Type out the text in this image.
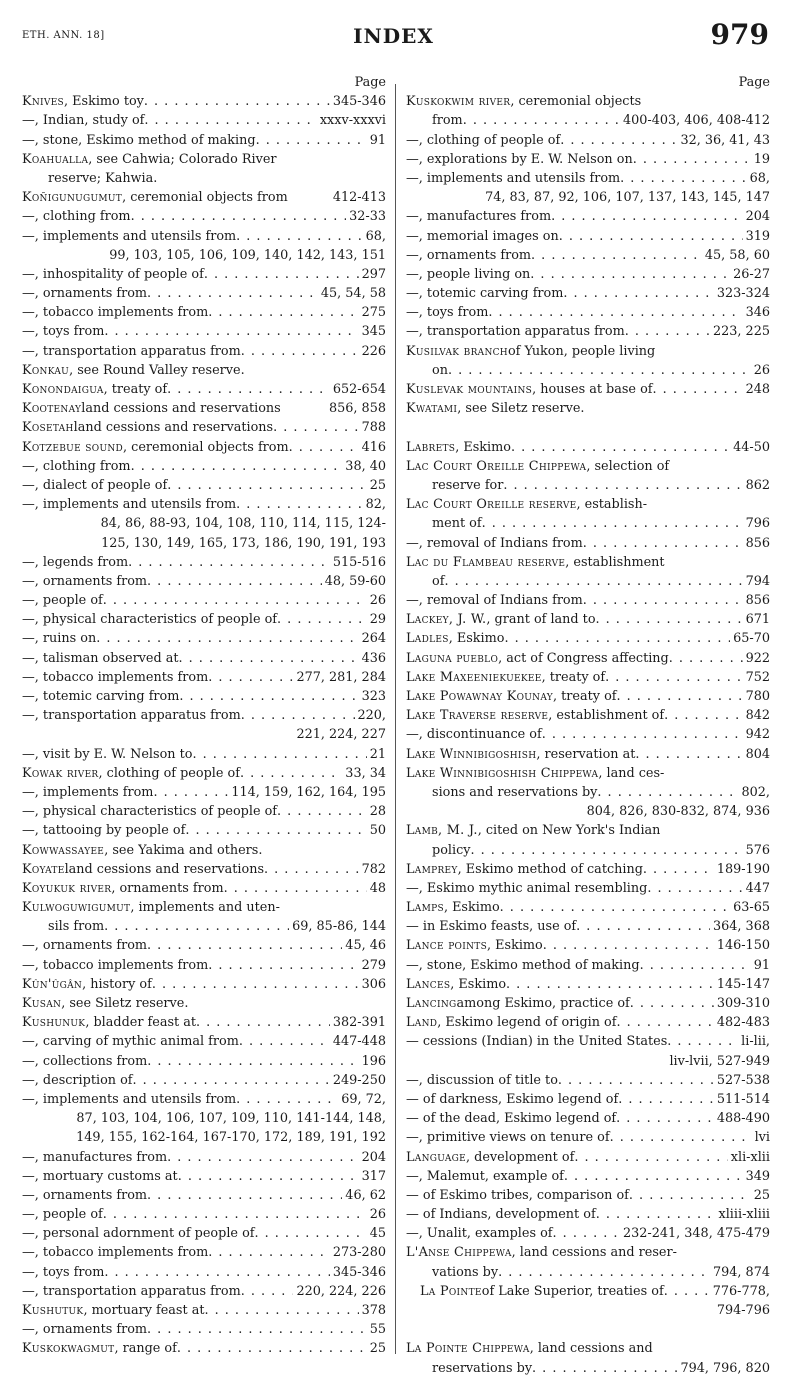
ETH. ANN. 18]	INDEX	979
Page
Knives , Eskimo toy . . .	345-346
—, Indian, study of . . .	xxxv-xxxvi
—, stone, Eskimo method of making . . .	91
Koahualla , see Cahwia; Colorado River
reserve; Kahwia.
Koñigunugumut , ceremonial objects from	412-413
—, clothing from . . .	32-33
—, implements and utensils from . . .	68,
99, 103, 105, 106, 109, 140, 142, 143, 151
—, inhospitality of people of . . .	297
—, ornaments from . . .	45, 54, 58
—, tobacco implements from . . .	275
—, toys from . . .	345
—, transportation apparatus from . . .	226
Konkau , see Round Valley reserve.
Konondaigua , treaty of . . .	652-654
Kootenay land cessions and reservations	856, 858
Kosetah land cessions and reservations . . .	788
Kotzebue sound , ceremonial objects from . . .	416
—, clothing from . . .	38, 40
—, dialect of people of . . .	25
—, implements and utensils from . . .	82,
84, 86, 88-93, 104, 108, 110, 114, 115, 124-
125, 130, 149, 165, 173, 186, 190, 191, 193
—, legends from . . .	515-516
—, ornaments from . . .	48, 59-60
—, people of . . .	26
—, physical characteristics of people of . . .	29
—, ruins on . . .	264
—, talisman observed at . . .	436
—, tobacco implements from . . .	277, 281, 284
—, totemic carving from . . .	323
—, transportation apparatus from . . .	220,
221, 224, 227
—, visit by E. W. Nelson to . . .	21
Kowak river , clothing of people of . . .	33, 34
—, implements from . . .	114, 159, 162, 164, 195
—, physical characteristics of people of . . .	28
—, tattooing by people of . . .	50
Kowwassayee , see Yakima and others.
Koyate land cessions and reservations . . .	782
Koyukuk river , ornaments from . . .	48
Kulwoguwigumut , implements and uten-
sils from . . .	69, 85-86, 144
—, ornaments from . . .	45, 46
—, tobacco implements from . . .	279
Kûn'ûgân , history of . . .	306
Kusan , see Siletz reserve.
Kushunuk , bladder feast at . . .	382-391
—, carving of mythic animal from . . .	447-448
—, collections from . . .	196
—, description of . . .	249-250
—, implements and utensils from . . .	69, 72,
87, 103, 104, 106, 107, 109, 110, 141-144, 148,
149, 155, 162-164, 167-170, 172, 189, 191, 192
—, manufactures from . . .	204
—, mortuary customs at . . .	317
—, ornaments from . . .	46, 62
—, people of . . .	26
—, personal adornment of people of . . .	45
—, tobacco implements from . . .	273-280
—, toys from . . .	345-346
—, transportation apparatus from . . .	220, 224, 226
Kushutuk , mortuary feast at . . .	378
—, ornaments from . . .	55
Kuskokwagmut , range of . . .	25
Page
Kuskokwim river , ceremonial objects
from . . .	400-403, 406, 408-412
—, clothing of people of . . .	32, 36, 41, 43
—, explorations by E. W. Nelson on . . .	19
—, implements and utensils from . . .	68,
74, 83, 87, 92, 106, 107, 137, 143, 145, 147
—, manufactures from . . .	204
—, memorial images on . . .	319
—, ornaments from . . .	45, 58, 60
—, people living on . . .	26-27
—, totemic carving from . . .	323-324
—, toys from . . .	346
—, transportation apparatus from . . .	223, 225
Kusilvak branch of Yukon, people living
on . . .	26
Kuslevak mountains , houses at base of . . .	248
Kwatami , see Siletz reserve.
Labrets , Eskimo . . .	44-50
Lac Court Oreille Chippewa , selection of
reserve for . . .	862
Lac Court Oreille reserve , establish-
ment of . . .	796
—, removal of Indians from . . .	856
Lac du Flambeau reserve , establishment
of . . .	794
—, removal of Indians from . . .	856
Lackey, J. W. , grant of land to . . .	671
Ladles , Eskimo . . .	65-70
Laguna pueblo , act of Congress affecting . . .	922
Lake Maxeeniekuekee , treaty of . . .	752
Lake Powawnay Kounay , treaty of . . .	780
Lake Traverse reserve , establishment of . . .	842
—, discontinuance of . . .	942
Lake Winnibigoshish , reservation at . . .	804
Lake Winnibigoshish Chippewa , land ces-
sions and reservations by . . .	802,
804, 826, 830-832, 874, 936
Lamb, M. J. , cited on New York's Indian
policy . . .	576
Lamprey , Eskimo method of catching . . .	189-190
—, Eskimo mythic animal resembling . . .	447
Lamps , Eskimo . . .	63-65
— in Eskimo feasts, use of . . .	364, 368
Lance points , Eskimo . . .	146-150
—, stone, Eskimo method of making . . .	91
Lances , Eskimo . . .	145-147
Lancing among Eskimo, practice of . . .	309-310
Land , Eskimo legend of origin of . . .	482-483
— cessions (Indian) in the United States . . .	li-lii,
liv-lvii, 527-949
—, discussion of title to . . .	527-538
— of darkness, Eskimo legend of . . .	511-514
— of the dead, Eskimo legend of . . .	488-490
—, primitive views on tenure of . . .	lvi
Language , development of . . .	xli-xlii
—, Malemut, example of . . .	349
— of Eskimo tribes, comparison of . . .	25
— of Indians, development of . . .	xliii-xliii
—, Unalit, examples of . . .	232-241, 348, 475-479
L'Anse Chippewa , land cessions and reser-
vations by . . .	794, 874
La Pointe of Lake Superior, treaties of . . .	776-778,
794-796
La Pointe Chippewa , land cessions and
reservations by . . .	794, 796, 820
